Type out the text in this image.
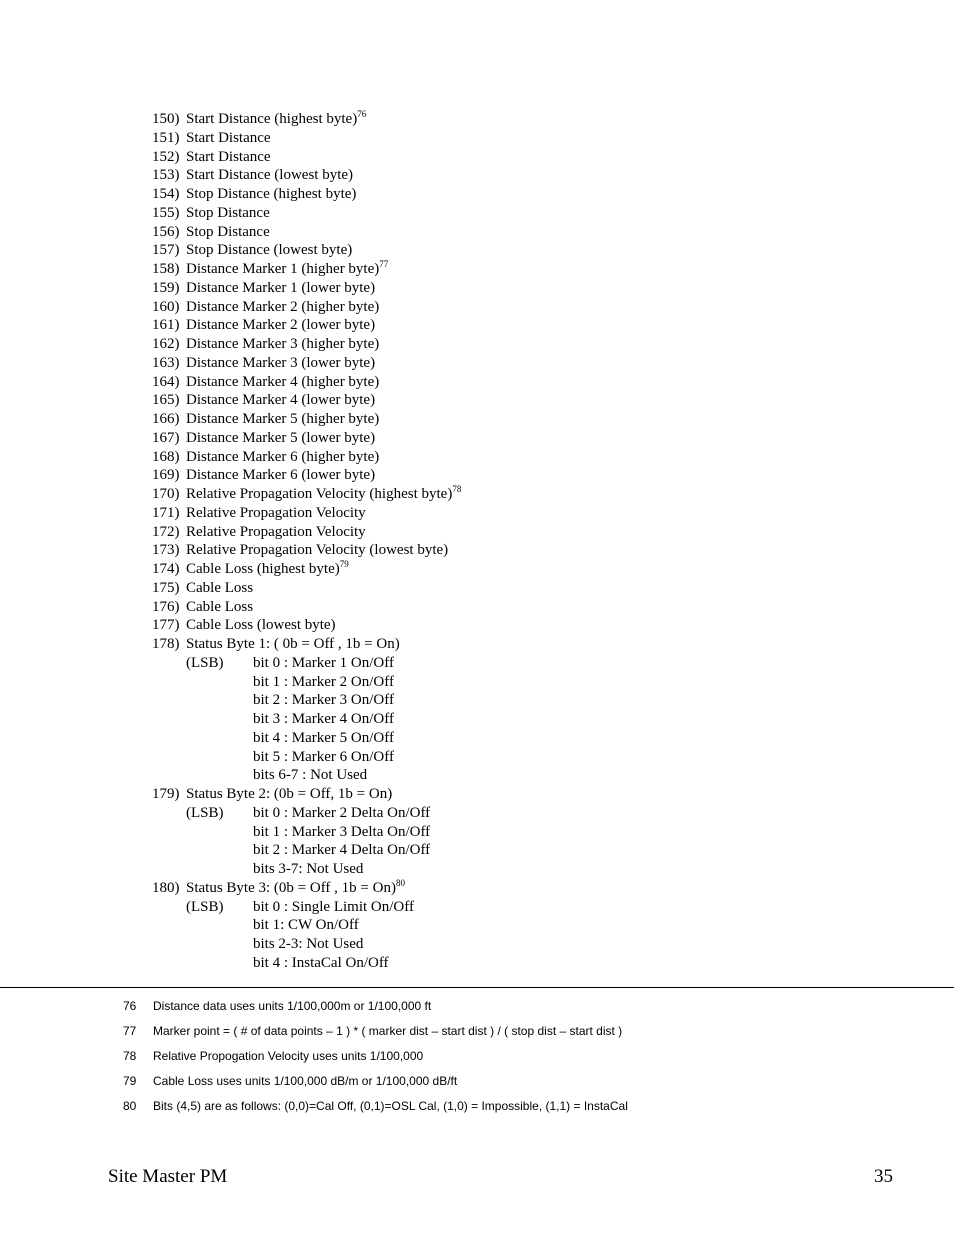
150) Start Distance (highest byte)$^{76}$
151) Start Distance
152) Start Distance
153) Start Distance (lowest byte)
154) Stop Distance (highest byte)
155) Stop Distance
156) Stop Distance
157) Stop Distance (lowest byte)
158) Distance Marker 1 (higher byte)$^{77}$
159) Distance Marker 1 (lower byte)
160) Distance Marker 2 (higher byte)
161) Distance Marker 2 (lower byte)
162) Distance Marker 3 (higher byte)
163) Distance Marker 3 (lower byte)
164) Distance Marker 4 (higher byte)
165) Distance Marker 4 (lower byte)
166) Distance Marker 5 (higher byte)
167) Distance Marker 5 (lower byte)
168) Distance Marker 6 (higher byte)
169) Distance Marker 6 (lower byte)
170) Relative Propagation Velocity (highest byte)$^{78}$
171) Relative Propagation Velocity
172) Relative Propagation Velocity
173) Relative Propagation Velocity (lowest byte)
174) Cable Loss (highest byte)$^{79}$
175) Cable Loss
176) Cable Loss
177) Cable Loss (lowest byte)
178) Status Byte 1: ( 0b = Off , 1b = On)
(LSB) bit 0 : Marker 1 On/Off
bit 1 : Marker 2 On/Off
bit 2 : Marker 3 On/Off
bit 3 : Marker 4 On/Off
bit 4 : Marker 5 On/Off
bit 5 : Marker 6 On/Off
bits 6-7 : Not Used
179) Status Byte 2: (0b = Off, 1b = On)
(LSB) bit 0 : Marker 2 Delta On/Off
bit 1 : Marker 3 Delta On/Off
bit 2 : Marker 4 Delta On/Off
bits 3-7: Not Used
180) Status Byte 3: (0b = Off , 1b = On)$^{80}$
(LSB) bit 0 : Single Limit On/Off
bit 1: CW On/Off
bits 2-3: Not Used
bit 4 : InstaCal On/Off
76 Distance data uses units 1/100,000m or 1/100,000 ft
77 Marker point = ( # of data points – 1 ) * ( marker dist – start dist ) / ( stop dist – start dist )
78 Relative Propogation Velocity uses units 1/100,000
79 Cable Loss uses units 1/100,000 dB/m or 1/100,000 dB/ft
80 Bits (4,5) are as follows: (0,0)=Cal Off, (0,1)=OSL Cal, (1,0) = Impossible, (1,1) = InstaCal
Site Master PM	35
